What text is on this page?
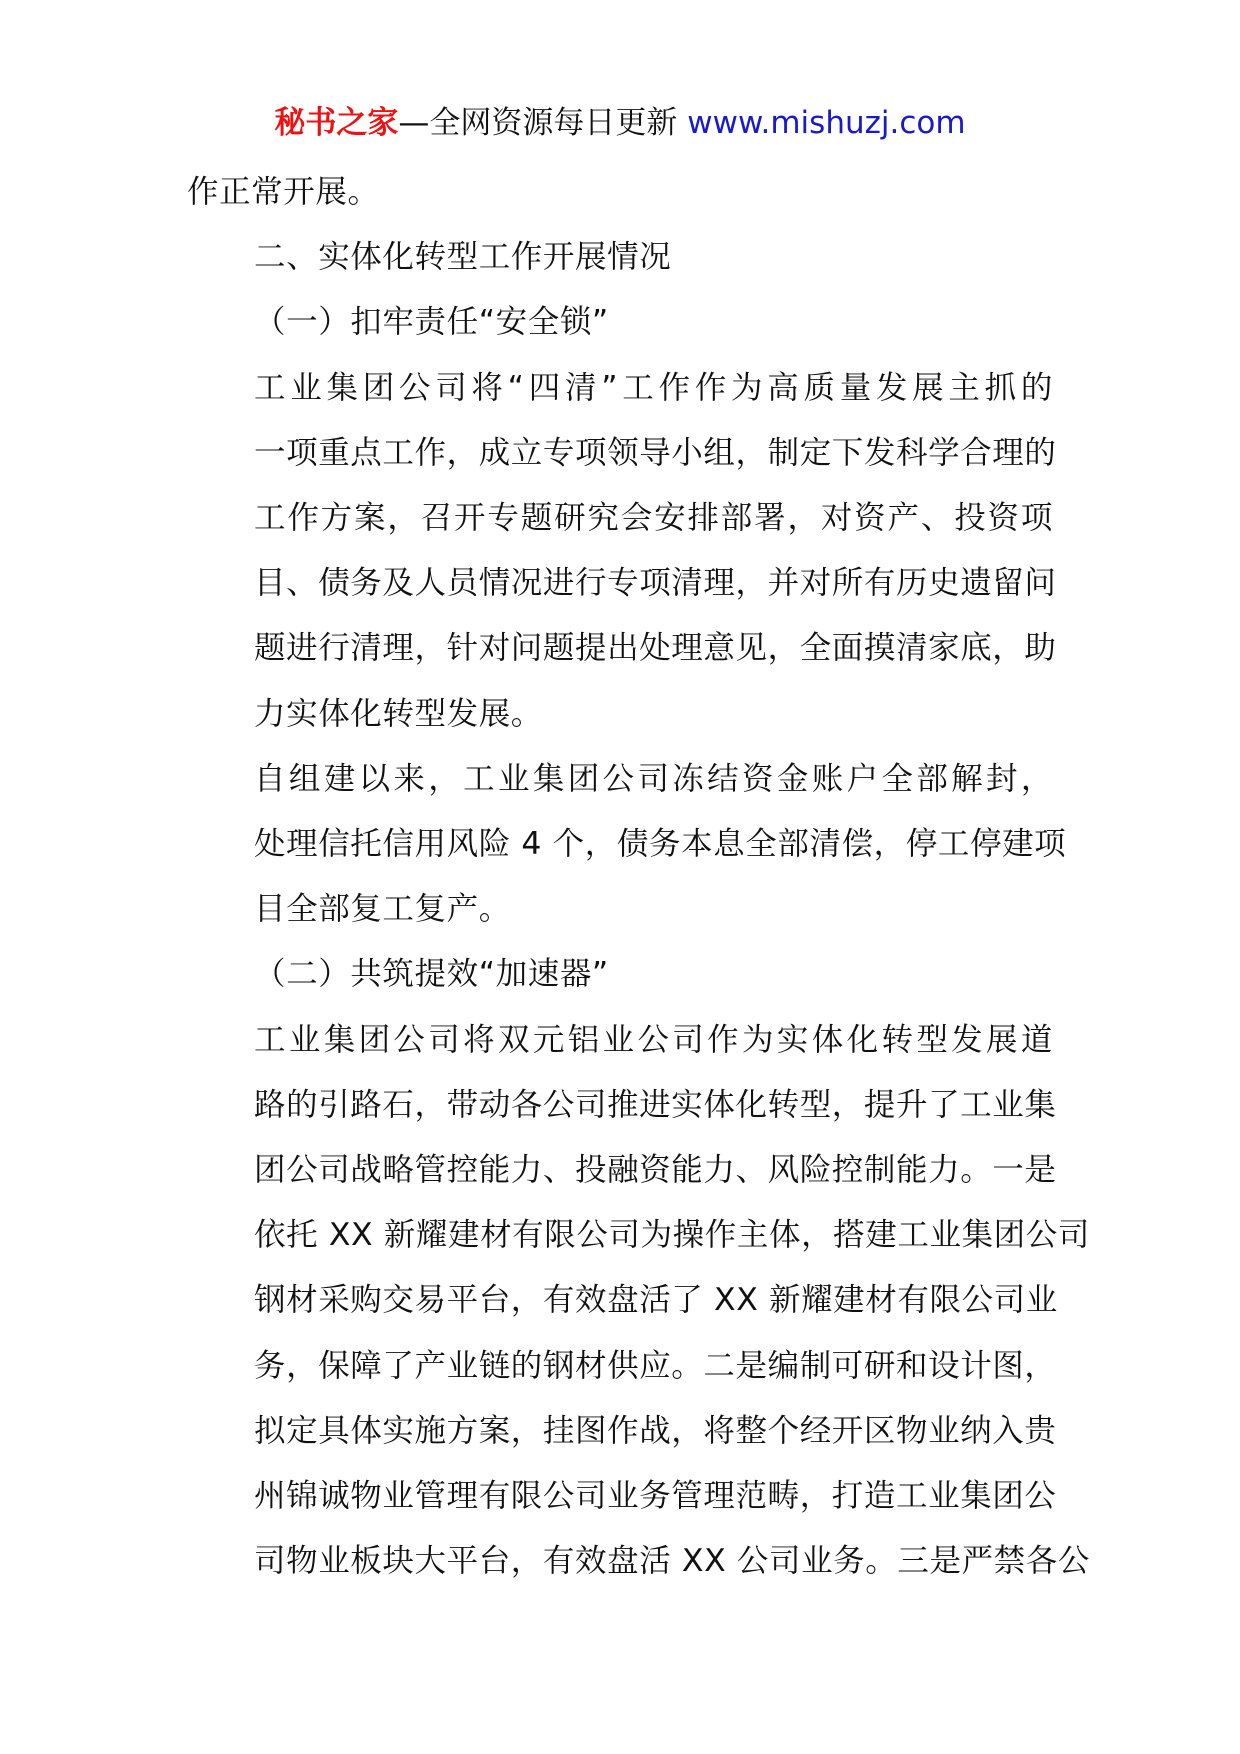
秘书之家—全网资源每日更新 www.mishuzj.com

作正常开展。

二、实体化转型工作开展情况

（一）扣牢责任“安全锁”

工业集团公司将“四清”工作作为高质量发展主抓的
一项重点工作，成立专项领导小组，制定下发科学合理的
工作方案，召开专题研究会安排部署，对资产、投资项
目、债务及人员情况进行专项清理，并对所有历史遗留问
题进行清理，针对问题提出处理意见，全面摸清家底，助
力实体化转型发展。

自组建以来，工业集团公司冻结资金账户全部解封，
处理信托信用风险 4 个，债务本息全部清偿，停工停建项
目全部复工复产。

（二）共筑提效“加速器”

工业集团公司将双元铝业公司作为实体化转型发展道
路的引路石，带动各公司推进实体化转型，提升了工业集
团公司战略管控能力、投融资能力、风险控制能力。一是
依托 XX 新耀建材有限公司为操作主体，搭建工业集团公司
钢材采购交易平台，有效盘活了 XX 新耀建材有限公司业
务，保障了产业链的钢材供应。二是编制可研和设计图，
拟定具体实施方案，挂图作战，将整个经开区物业纳入贵
州锦诚物业管理有限公司业务管理范畴，打造工业集团公
司物业板块大平台，有效盘活 XX 公司业务。三是严禁各公
